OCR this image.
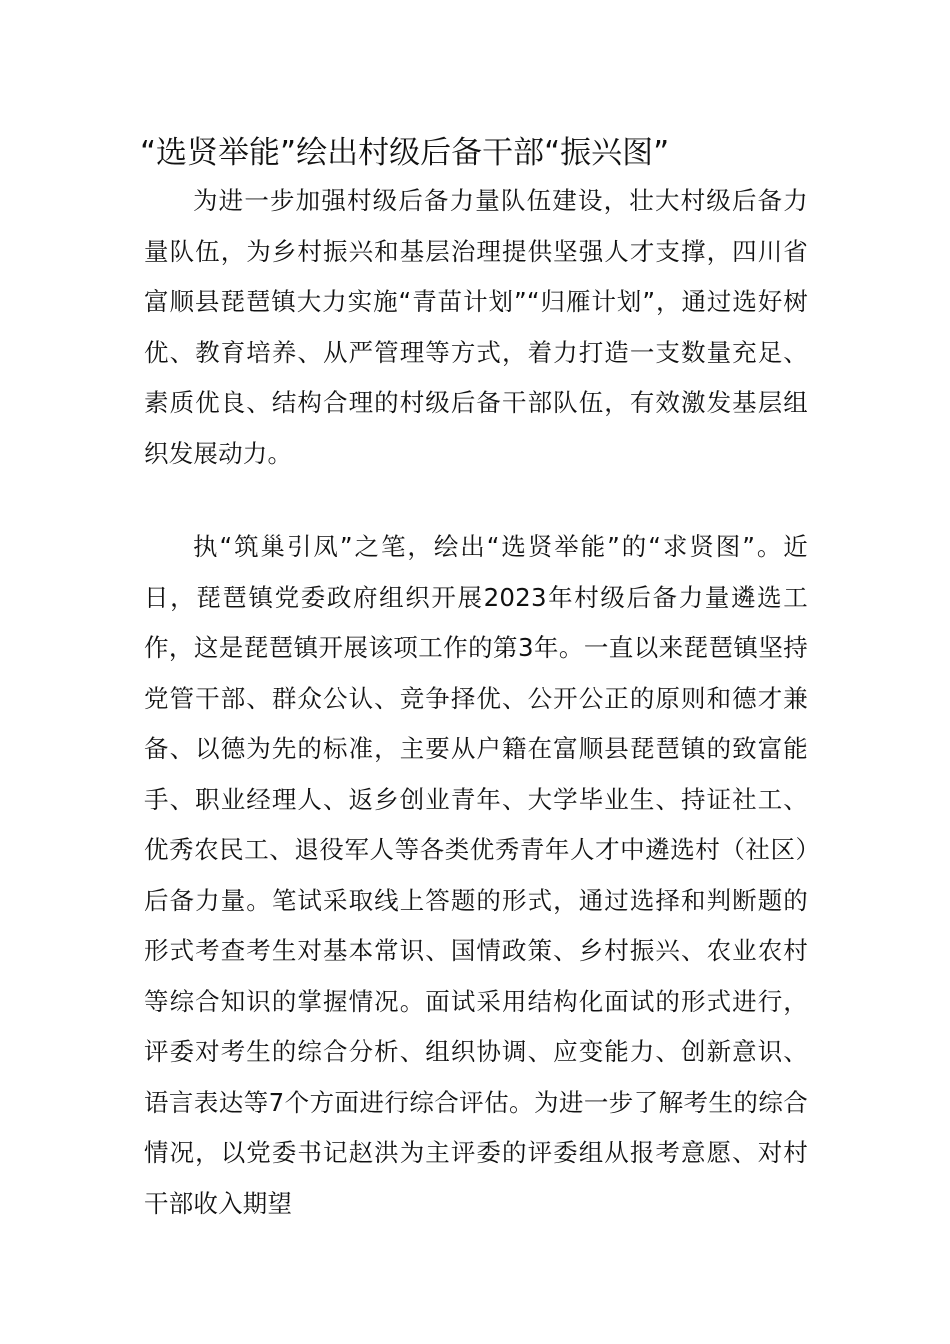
“选贤举能”绘出村级后备干部“振兴图”

为进一步加强村级后备力量队伍建设，壮大村级后备力量队伍，为乡村振兴和基层治理提供坚强人才支撑，四川省富顺县琵琶镇大力实施“青苗计划”“归雁计划”，通过选好树优、教育培养、从严管理等方式，着力打造一支数量充足、素质优良、结构合理的村级后备干部队伍，有效激发基层组织发展动力。

执“筑巢引凤”之笔，绘出“选贤举能”的“求贤图”。近日，琵琶镇党委政府组织开展2023年村级后备力量遴选工作，这是琵琶镇开展该项工作的第3年。一直以来琵琶镇坚持党管干部、群众公认、竞争择优、公开公正的原则和德才兼备、以德为先的标准，主要从户籍在富顺县琵琶镇的致富能手、职业经理人、返乡创业青年、大学毕业生、持证社工、优秀农民工、退役军人等各类优秀青年人才中遴选村（社区）后备力量。笔试采取线上答题的形式，通过选择和判断题的形式考查考生对基本常识、国情政策、乡村振兴、农业农村等综合知识的掌握情况。面试采用结构化面试的形式进行，评委对考生的综合分析、组织协调、应变能力、创新意识、语言表达等7个方面进行综合评估。为进一步了解考生的综合情况，以党委书记赵洪为主评委的评委组从报考意愿、对村干部收入期望
